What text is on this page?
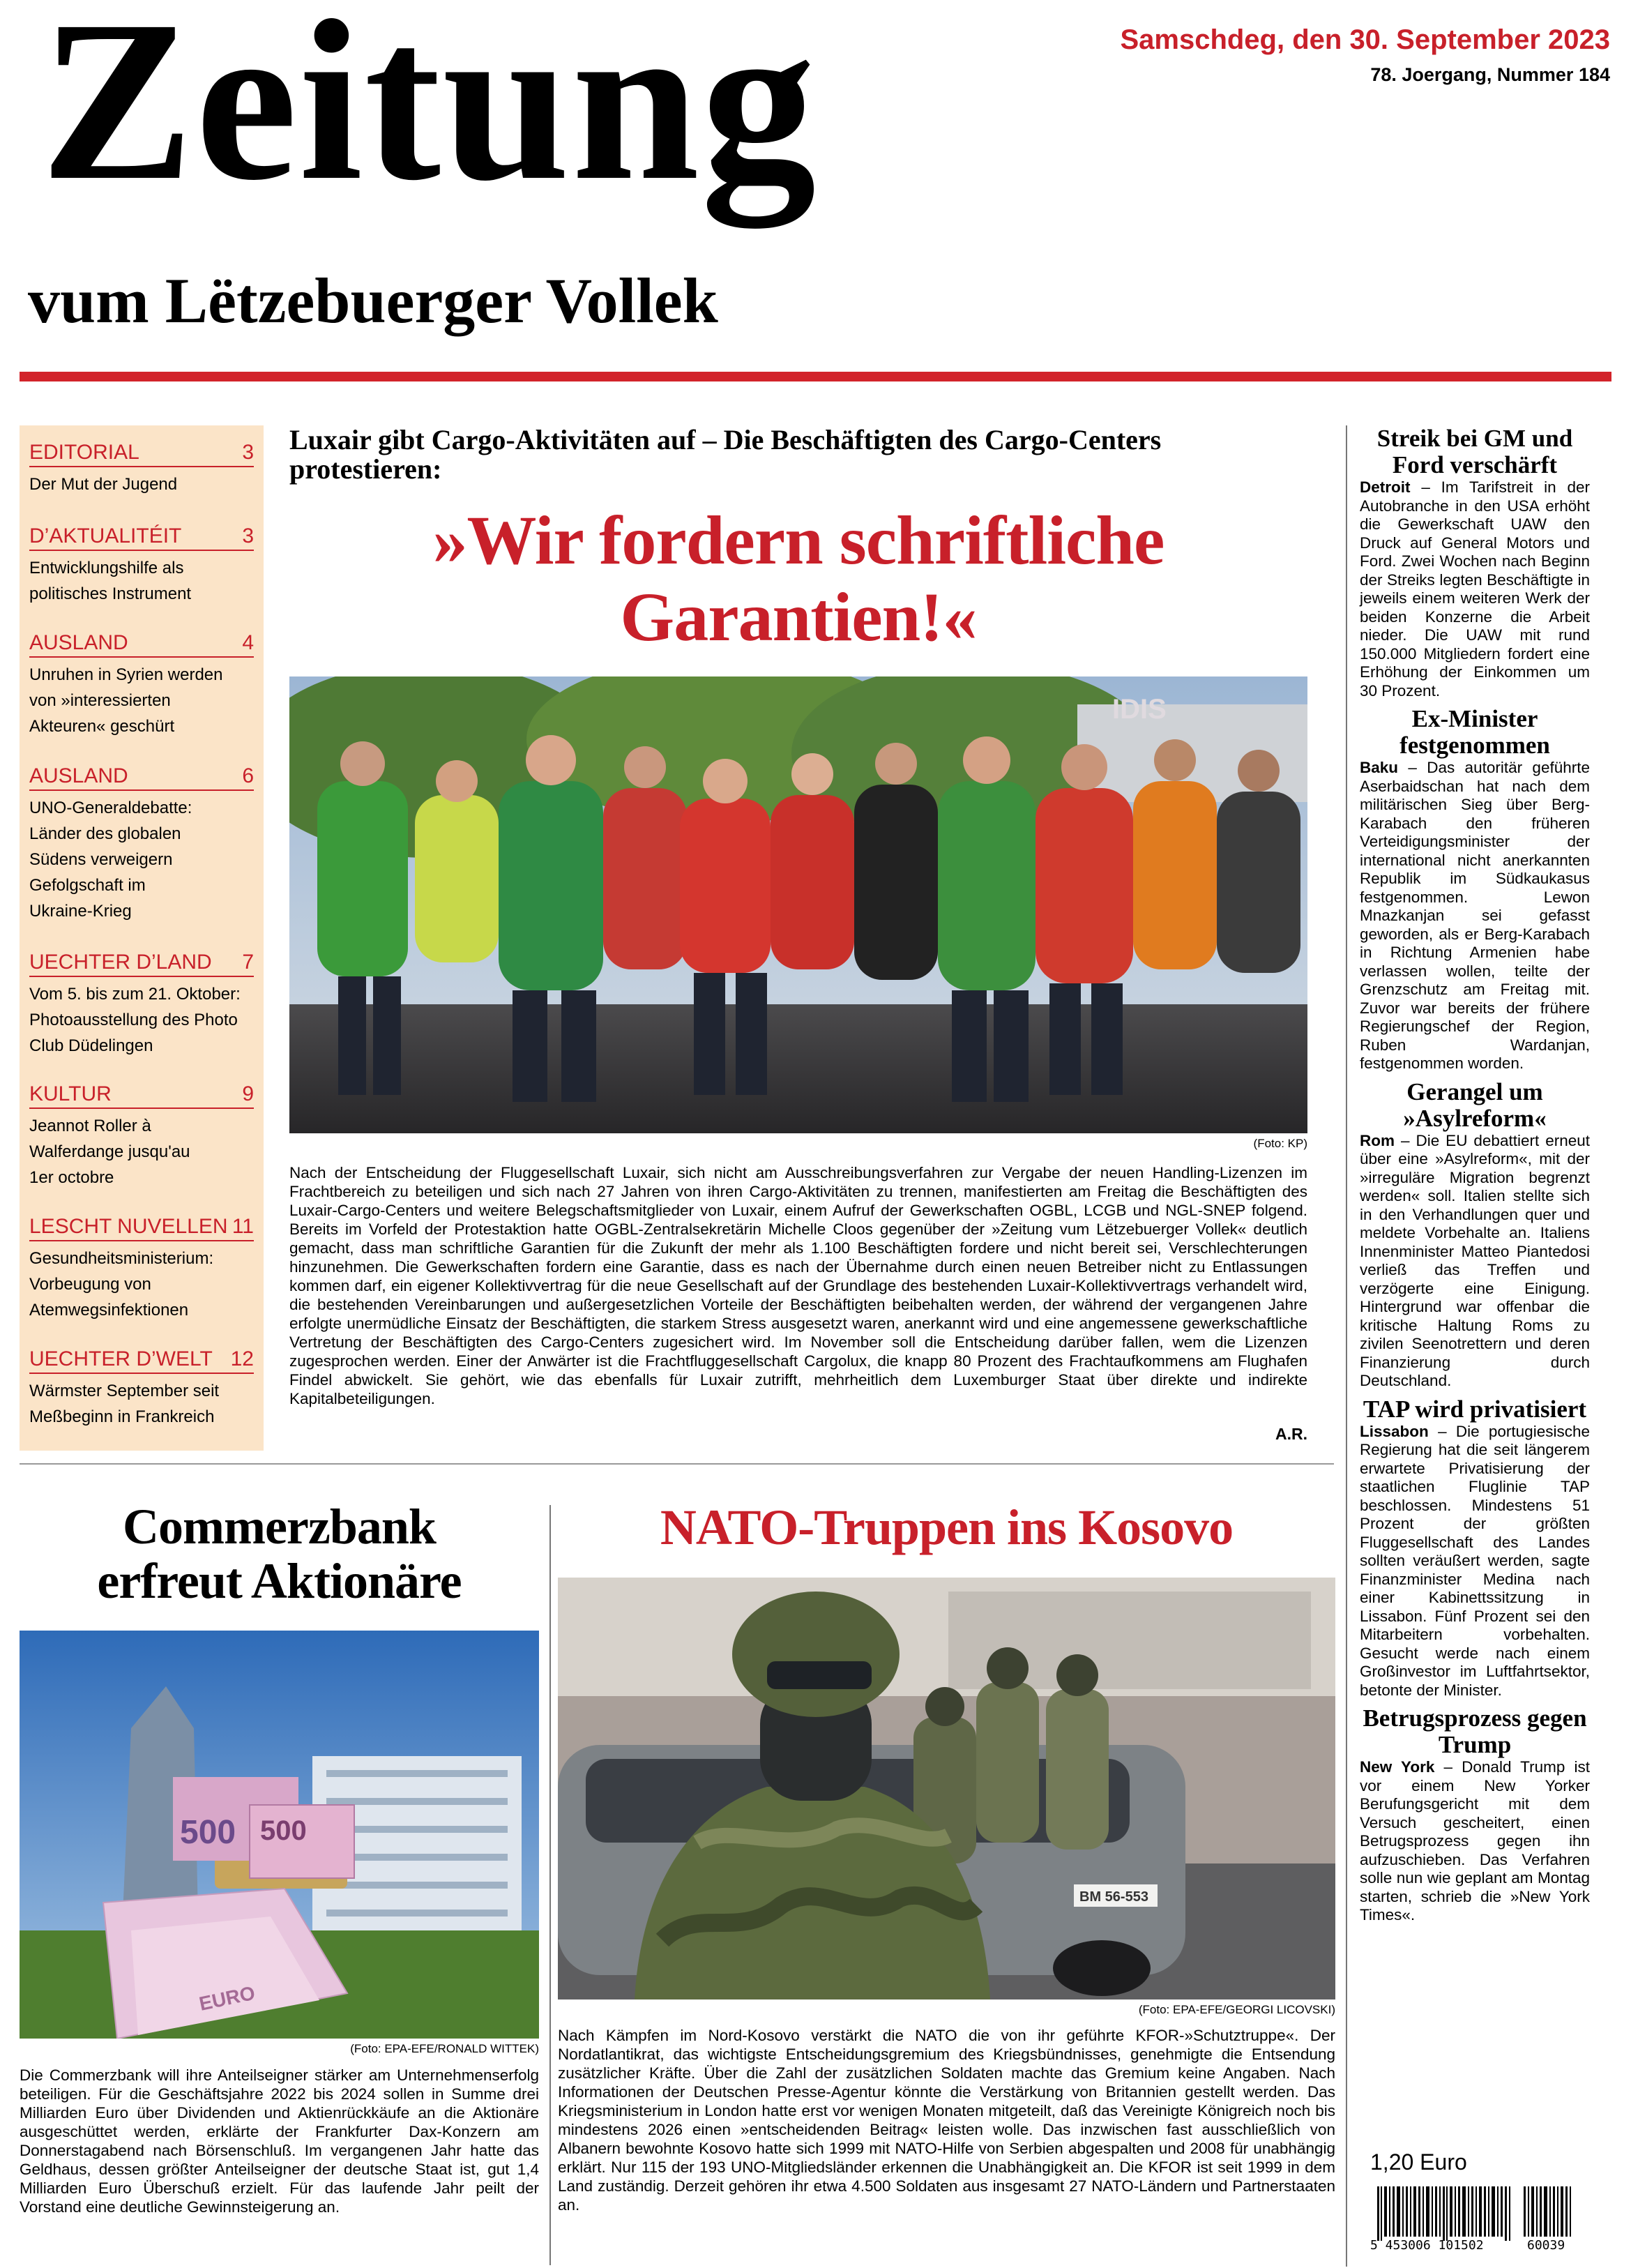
Zeitung
vum Lëtzebuerger Vollek
Samschdeg, den 30. September 2023
78. Joergang, Nummer 184
EDITORIAL	3
Der Mut der Jugend
D’AKTUALITÉIT	3
Entwicklungshilfe als
politisches Instrument
AUSLAND	4
Unruhen in Syrien werden
von »interessierten
Akteuren« geschürt
AUSLAND	6
UNO-Generaldebatte:
Länder des globalen
Südens verweigern
Gefolgschaft im
Ukraine-Krieg
UECHTER D’LAND 7
Vom 5. bis zum 21. Oktober:
Photoausstellung des Photo
Club Düdelingen
KULTUR	9
Jeannot Roller à
Walferdange jusqu'au
1er octobre
LESCHT NUVELLEN 11
Gesundheitsministerium:
Vorbeugung von
Atemwegsinfektionen
UECHTER D’WELT 12
Wärmster September seit
Meßbeginn in Frankreich
Luxair gibt Cargo-Aktivitäten auf – Die Beschäftigten des Cargo-Centers protestieren:
»Wir fordern schriftliche
Garantien!«
IDIS
(Foto: KP)
Nach der Entscheidung der Fluggesellschaft Luxair, sich nicht am Ausschreibungsverfahren zur Vergabe der neuen Handling-Lizenzen im Frachtbereich zu beteiligen und sich nach 27 Jahren von ihren Cargo-Aktivitäten zu trennen, manifestierten am Freitag die Beschäftigten des Luxair-Cargo-Centers und weitere Belegschaftsmitglieder von Luxair, einem Aufruf der Gewerkschaften OGBL, LCGB und NGL-SNEP folgend. Bereits im Vorfeld der Protestaktion hatte OGBL-Zentralsekretärin Michelle Cloos gegenüber der »Zeitung vum Lëtzebuerger Vollek« deutlich gemacht, dass man schriftliche Garantien für die Zukunft der mehr als 1.100 Beschäftigten fordere und nicht bereit sei, Verschlechterungen hinzunehmen. Die Gewerkschaften fordern eine Garantie, dass es nach der Übernahme durch einen neuen Betreiber nicht zu Entlassungen kommen darf, ein eigener Kollektivvertrag für die neue Gesellschaft auf der Grundlage des bestehenden Luxair-Kollektivvertrags verhandelt wird, die bestehenden Vereinbarungen und außergesetzlichen Vorteile der Beschäftigten beibehalten werden, der während der vergangenen Jahre erfolgte unermüdliche Einsatz der Beschäftigten, die starkem Stress ausgesetzt waren, anerkannt wird und eine angemessene gewerkschaftliche Vertretung der Beschäftigten des Cargo-Centers zugesichert wird. Im November soll die Entscheidung darüber fallen, wem die Lizenzen zugesprochen werden. Einer der Anwärter ist die Frachtfluggesellschaft Cargolux, die knapp 80 Prozent des Frachtaufkommens am Flughafen Findel abwickelt. Sie gehört, wie das ebenfalls für Luxair zutrifft, mehrheitlich dem Luxemburger Staat über direkte und indirekte Kapitalbeteiligungen.
A.R.
Streik bei GM und Ford verschärft
Detroit – Im Tarifstreit in der Autobranche in den USA erhöht die Gewerkschaft UAW den Druck auf General Motors und Ford. Zwei Wochen nach Beginn der Streiks legten Beschäftigte in jeweils einem weiteren Werk der beiden Konzerne die Arbeit nieder. Die UAW mit rund 150.000 Mitgliedern fordert eine Erhöhung der Einkommen um 30 Prozent.
Ex-Minister festgenommen
Baku – Das autoritär geführte Aserbaidschan hat nach dem militärischen Sieg über Berg-Karabach den früheren Verteidigungsminister der international nicht anerkannten Republik im Südkaukasus festgenommen. Lewon Mnazkanjan sei gefasst geworden, als er Berg-Karabach in Richtung Armenien habe verlassen wollen, teilte der Grenzschutz am Freitag mit. Zuvor war bereits der frühere Regierungschef der Region, Ruben Wardanjan, festgenommen worden.
Gerangel um »Asylreform«
Rom – Die EU debattiert erneut über eine »Asylreform«, mit der »irreguläre Migration begrenzt werden« soll. Italien stellte sich in den Verhandlungen quer und meldete Vorbehalte an. Italiens Innenminister Matteo Piantedosi verließ das Treffen und verzögerte eine Einigung. Hintergrund war offenbar die kritische Haltung Roms zu zivilen Seenotrettern und deren Finanzierung durch Deutschland.
TAP wird privatisiert
Lissabon – Die portugiesische Regierung hat die seit längerem erwartete Privatisierung der staatlichen Fluglinie TAP beschlossen. Mindestens 51 Prozent der größten Fluggesellschaft des Landes sollten veräußert werden, sagte Finanzminister Medina nach einer Kabinettssitzung in Lissabon. Fünf Prozent sei den Mitarbeitern vorbehalten. Gesucht werde nach einem Großinvestor im Luftfahrtsektor, betonte der Minister.
Betrugsprozess gegen Trump
New York – Donald Trump ist vor einem New Yorker Berufungsgericht mit dem Versuch gescheitert, einen Betrugsprozess gegen ihn aufzuschieben. Das Verfahren solle nun wie geplant am Montag starten, schrieb die »New York Times«.
1,20 Euro
5 453006 101502	60039
Commerzbank
erfreut Aktionäre
500 500
EURO
(Foto: EPA-EFE/RONALD WITTEK)
Die Commerzbank will ihre Anteilseigner stärker am Unternehmenserfolg beteiligen. Für die Geschäftsjahre 2022 bis 2024 sollen in Summe drei Milliarden Euro über Dividenden und Aktienrückkäufe an die Aktionäre ausgeschüttet werden, erklärte der Frankfurter Dax-Konzern am Donnerstagabend nach Börsenschluß. Im vergangenen Jahr hatte das Geldhaus, dessen größter Anteilseigner der deutsche Staat ist, gut 1,4 Milliarden Euro Überschuß erzielt. Für das laufende Jahr peilt der Vorstand eine deutliche Gewinnsteigerung an.
NATO-Truppen ins Kosovo
BM 56-553
(Foto: EPA-EFE/GEORGI LICOVSKI)
Nach Kämpfen im Nord-Kosovo verstärkt die NATO die von ihr geführte KFOR-»Schutztruppe«. Der Nordatlantikrat, das wichtigste Entscheidungsgremium des Kriegsbündnisses, genehmigte die Entsendung zusätzlicher Kräfte. Über die Zahl der zusätzlichen Soldaten machte das Gremium keine Angaben. Nach Informationen der Deutschen Presse-Agentur könnte die Verstärkung von Britannien gestellt werden. Das Kriegsministerium in London hatte erst vor wenigen Monaten mitgeteilt, daß das Vereinigte Königreich noch bis mindestens 2026 einen »entscheidenden Beitrag« leisten wolle. Das inzwischen fast ausschließlich von Albanern bewohnte Kosovo hatte sich 1999 mit NATO-Hilfe von Serbien abgespalten und 2008 für unabhängig erklärt. Nur 115 der 193 UNO-Mitgliedsländer erkennen die Unabhängigkeit an. Die KFOR ist seit 1999 in dem Land zuständig. Derzeit gehören ihr etwa 4.500 Soldaten aus insgesamt 27 NATO-Ländern und Partnerstaaten an.
